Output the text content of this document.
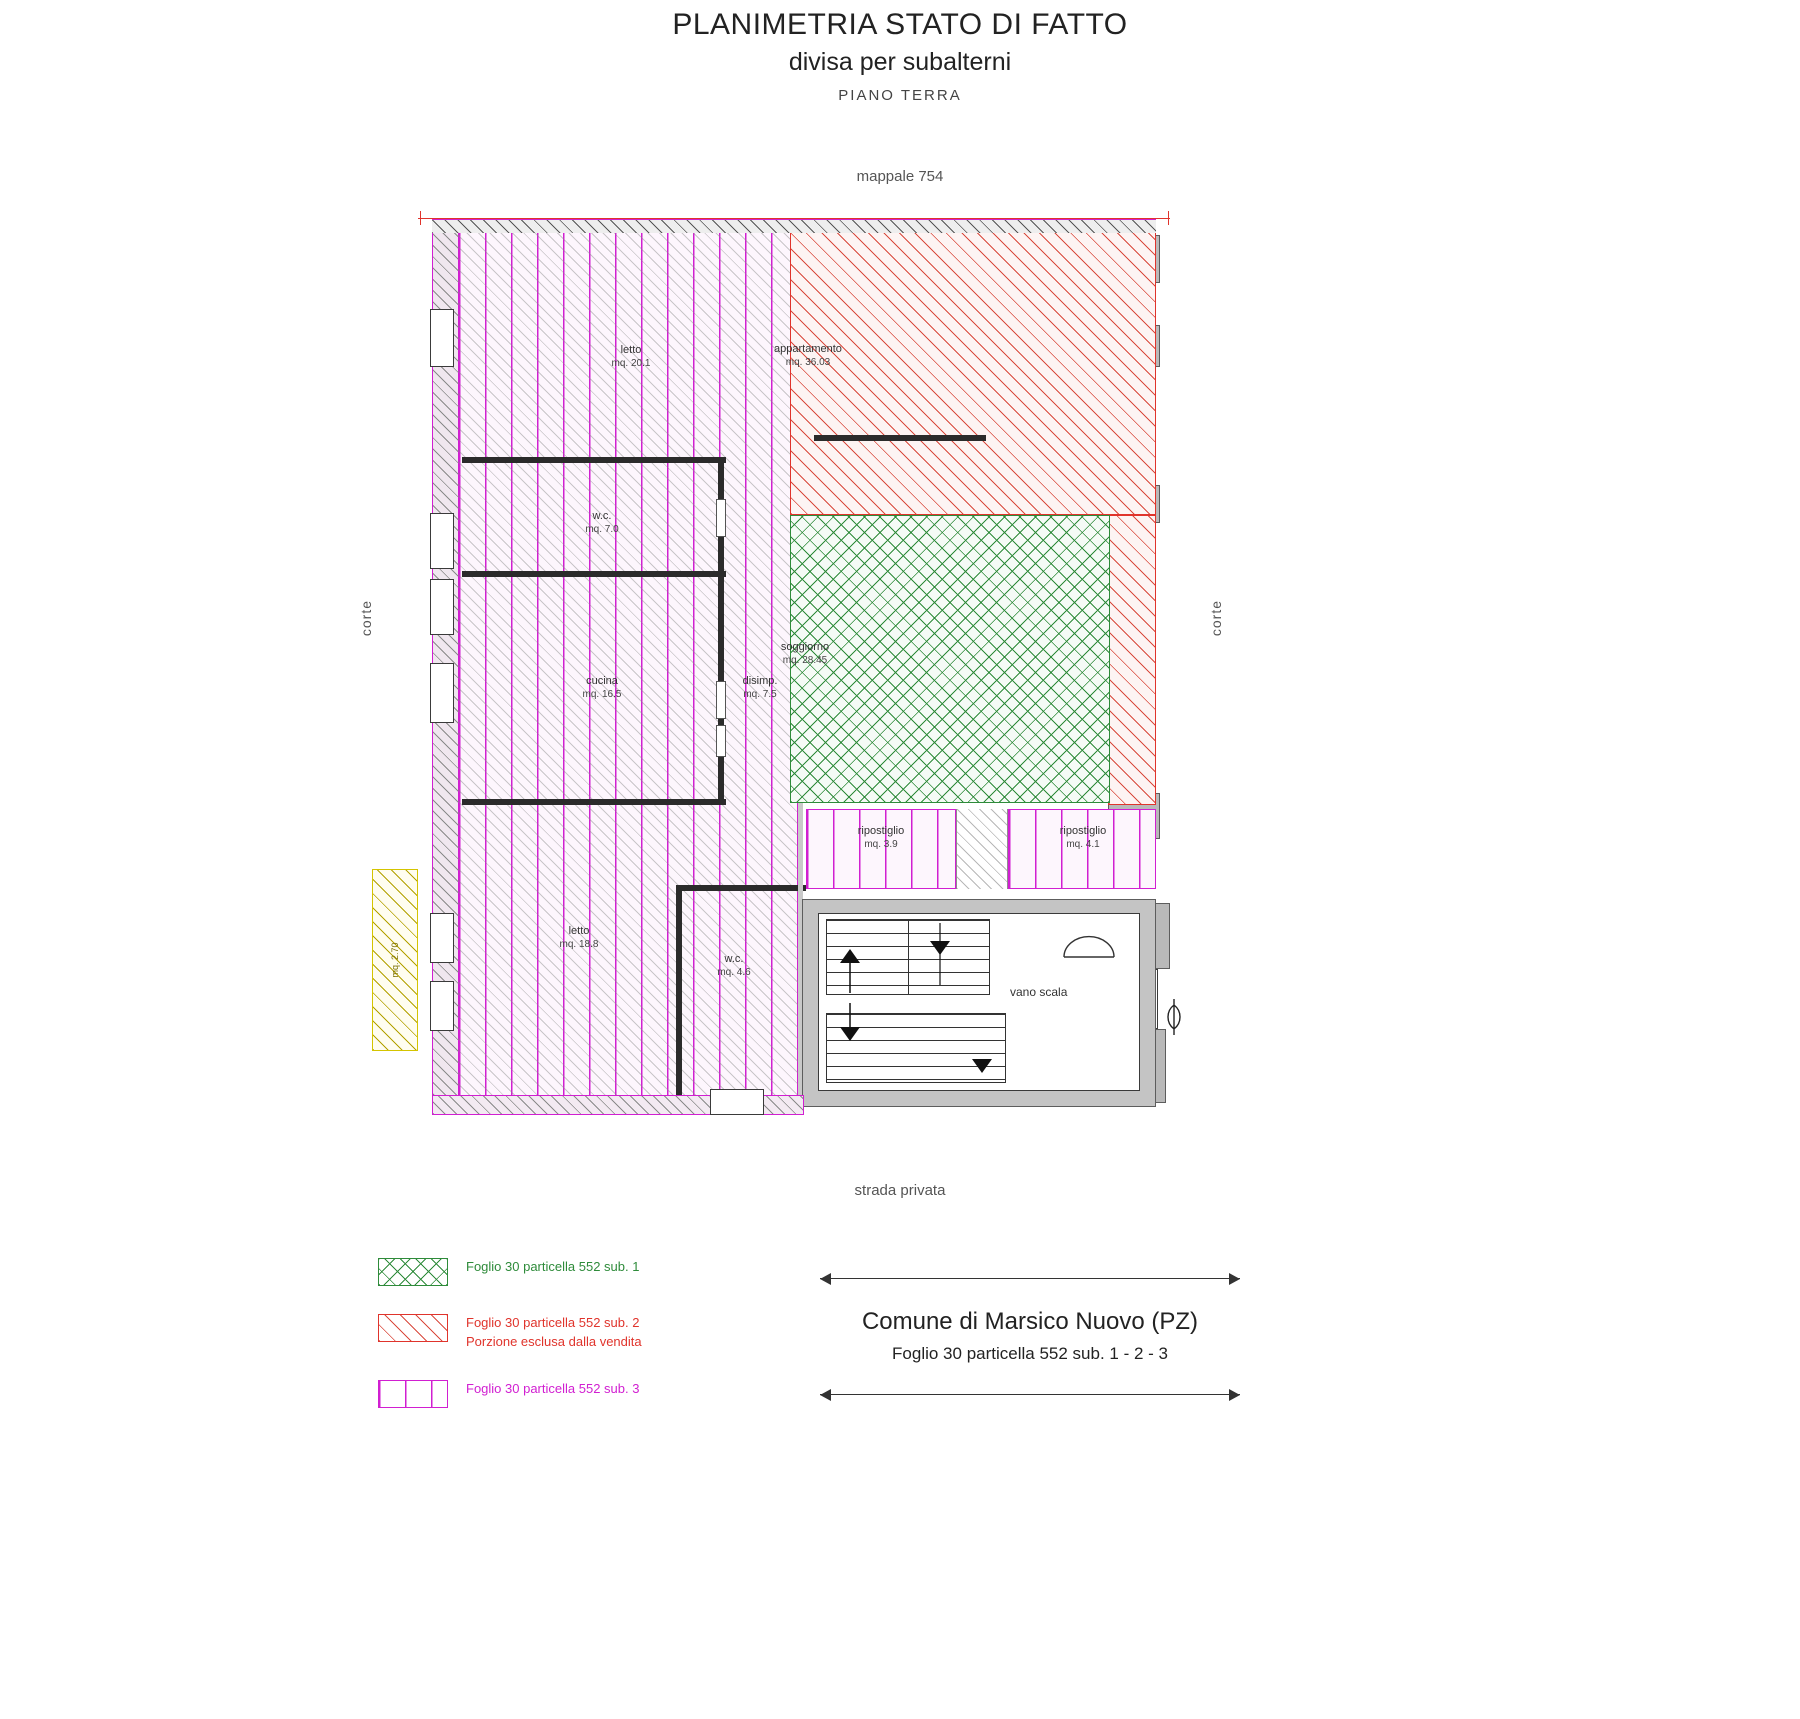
PLANIMETRIA STATO DI FATTO
divisa per subalterni
PIANO TERRA
mappale 754
strada privata
corte	corte
letto
mq. 20.1
w.c.
mq. 7.0
cucina
mq. 16.5
disimp.
mq. 7.5
letto
mq. 18.8
w.c.
mq. 4.6
appartamento
mq. 36.03
soggiorno
mq. 28.45
ripostiglio
mq. 3.9
ripostiglio
mq. 4.1
vano scala
mq. 2.70
Foglio 30 particella 552 sub. 1
Foglio 30 particella 552 sub. 2
Porzione esclusa dalla vendita
Foglio 30 particella 552 sub. 3
Comune di Marsico Nuovo (PZ)
Foglio 30 particella 552 sub. 1 - 2 - 3
